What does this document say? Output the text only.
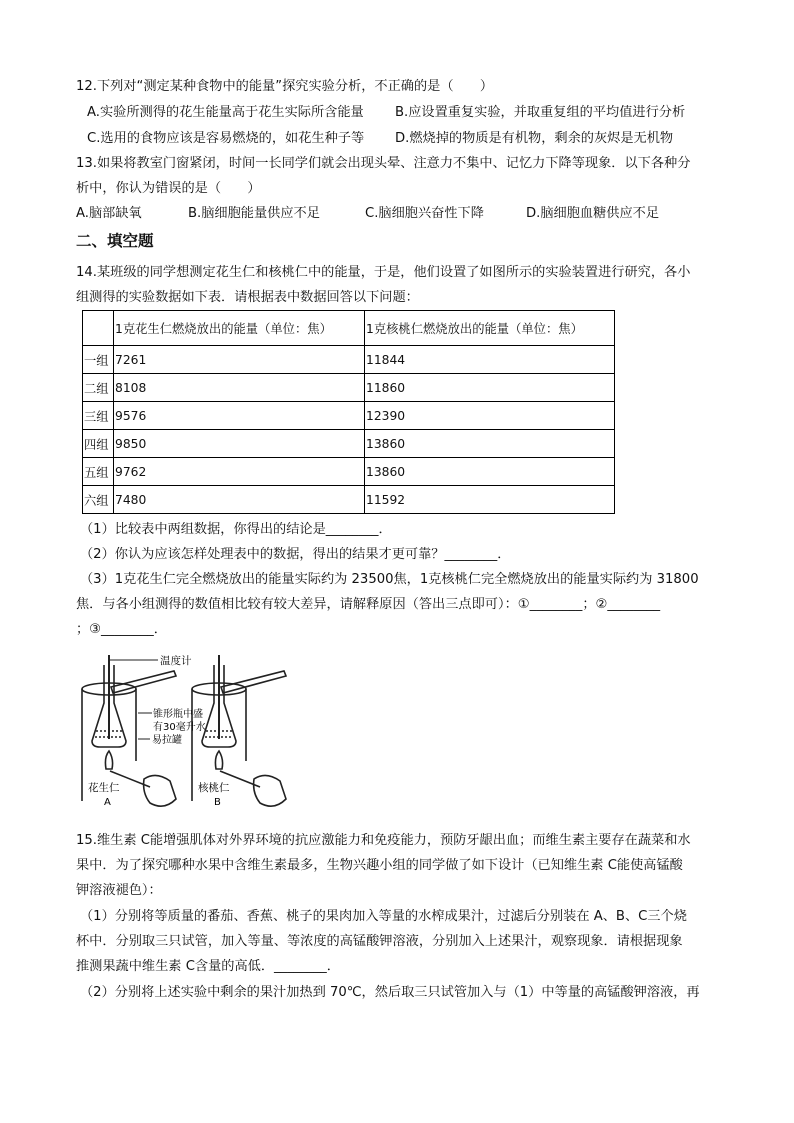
12.下列对“测定某种食物中的能量”探究实验分析，不正确的是（　　）
A.实验所测得的花生能量高于花生实际所含能量 B.应设置重复实验，并取重复组的平均值进行分析
C.选用的食物应该是容易燃烧的，如花生种子等 D.燃烧掉的物质是有机物，剩余的灰烬是无机物
13.如果将教室门窗紧闭，时间一长同学们就会出现头晕、注意力不集中、记忆力下降等现象．以下各种分
析中，你认为错误的是（　　）
A.脑部缺氧	B.脑细胞能量供应不足	C.脑细胞兴奋性下降	D.脑细胞血糖供应不足
二、填空题
14.某班级的同学想测定花生仁和核桃仁中的能量，于是，他们设置了如图所示的实验装置进行研究，各小
组测得的实验数据如下表．请根据表中数据回答以下问题：
	1克花生仁燃烧放出的能量（单位：焦）	1克核桃仁燃烧放出的能量（单位：焦）
一组	7261	11844
二组	8108	11860
三组	9576	12390
四组	9850	13860
五组	9762	13860
六组	7480	11592
（1）比较表中两组数据，你得出的结论是________．
（2）你认为应该怎样处理表中的数据，得出的结果才更可靠？________．
（3）1克花生仁完全燃烧放出的能量实际约为 23500焦，1克核桃仁完全燃烧放出的能量实际约为 31800
焦．与各小组测得的数值相比较有较大差异，请解释原因（答出三点即可）：①________；②________
；③________．
温度计
锥形瓶中盛
有30毫升水
易拉罐
花生仁
A
核桃仁
B
15.维生素 C能增强肌体对外界环境的抗应激能力和免疫能力，预防牙龈出血；而维生素主要存在蔬菜和水
果中．为了探究哪种水果中含维生素最多，生物兴趣小组的同学做了如下设计（已知维生素 C能使高锰酸
钾溶液褪色）：
（1）分别将等质量的番茄、香蕉、桃子的果肉加入等量的水榨成果汁，过滤后分别装在 A、B、C三个烧
杯中．分别取三只试管，加入等量、等浓度的高锰酸钾溶液，分别加入上述果汁，观察现象．请根据现象
推测果蔬中维生素 C含量的高低．________．
（2）分别将上述实验中剩余的果汁加热到 70℃，然后取三只试管加入与（1）中等量的高锰酸钾溶液，再
